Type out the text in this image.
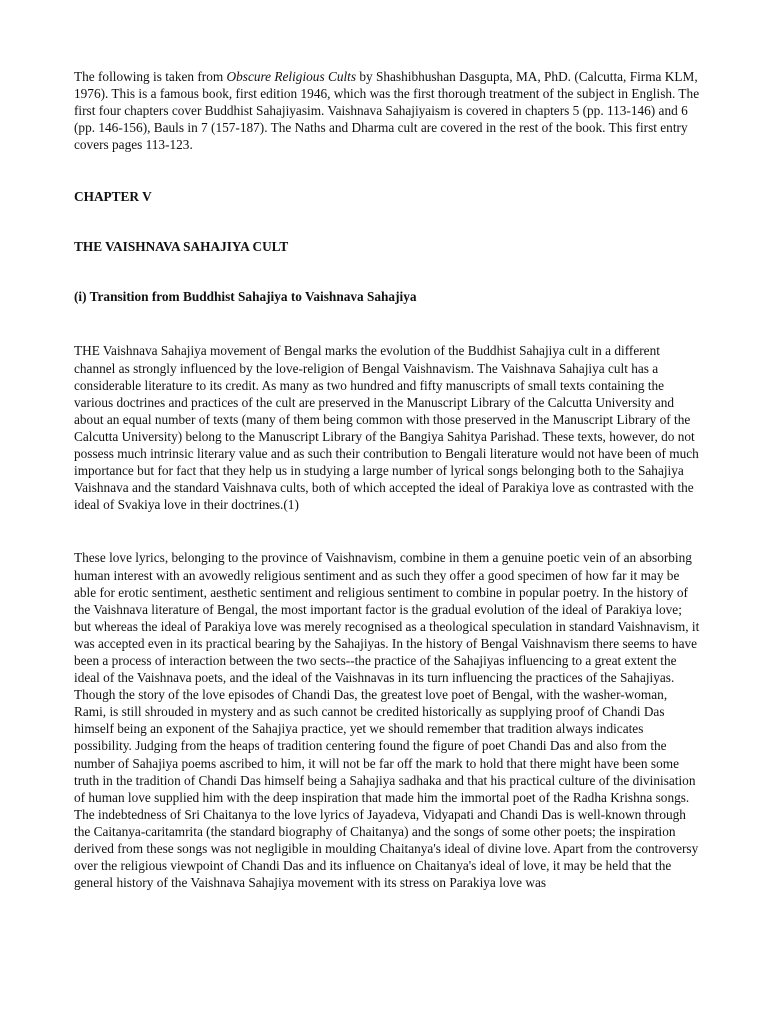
The following is taken from Obscure Religious Cults by Shashibhushan Dasgupta, MA, PhD. (Calcutta, Firma KLM, 1976). This is a famous book, first edition 1946, which was the first thorough treatment of the subject in English. The first four chapters cover Buddhist Sahajiyasim. Vaishnava Sahajiyaism is covered in chapters 5 (pp. 113-146) and 6 (pp. 146-156), Bauls in 7 (157-187). The Naths and Dharma cult are covered in the rest of the book. This first entry covers pages 113-123.

CHAPTER V

THE VAISHNAVA SAHAJIYA CULT

(i) Transition from Buddhist Sahajiya to Vaishnava Sahajiya

THE Vaishnava Sahajiya movement of Bengal marks the evolution of the Buddhist Sahajiya cult in a different channel as strongly influenced by the love-religion of Bengal Vaishnavism. The Vaishnava Sahajiya cult has a considerable literature to its credit. As many as two hundred and fifty manuscripts of small texts containing the various doctrines and practices of the cult are preserved in the Manuscript Library of the Calcutta University and about an equal number of texts (many of them being common with those preserved in the Manuscript Library of the Calcutta University) belong to the Manuscript Library of the Bangiya Sahitya Parishad. These texts, however, do not possess much intrinsic literary value and as such their contribution to Bengali literature would not have been of much importance but for fact that they help us in studying a large number of lyrical songs belonging both to the Sahajiya Vaishnava and the standard Vaishnava cults, both of which accepted the ideal of Parakiya love as contrasted with the ideal of Svakiya love in their doctrines.(1)

These love lyrics, belonging to the province of Vaishnavism, combine in them a genuine poetic vein of an absorbing human interest with an avowedly religious sentiment and as such they offer a good specimen of how far it may be able for erotic sentiment, aesthetic sentiment and religious sentiment to combine in popular poetry. In the history of the Vaishnava literature of Bengal, the most important factor is the gradual evolution of the ideal of Parakiya love; but whereas the ideal of Parakiya love was merely recognised as a theological speculation in standard Vaishnavism, it was accepted even in its practical bearing by the Sahajiyas. In the history of Bengal Vaishnavism there seems to have been a process of interaction between the two sects--the practice of the Sahajiyas influencing to a great extent the ideal of the Vaishnava poets, and the ideal of the Vaishnavas in its turn influencing the practices of the Sahajiyas. Though the story of the love episodes of Chandi Das, the greatest love poet of Bengal, with the washer-woman, Rami, is still shrouded in mystery and as such cannot be credited historically as supplying proof of Chandi Das himself being an exponent of the Sahajiya practice, yet we should remember that tradition always indicates possibility. Judging from the heaps of tradition centering found the figure of poet Chandi Das and also from the number of Sahajiya poems ascribed to him, it will not be far off the mark to hold that there might have been some truth in the tradition of Chandi Das himself being a Sahajiya sadhaka and that his practical culture of the divinisation of human love supplied him with the deep inspiration that made him the immortal poet of the Radha Krishna songs. The indebtedness of Sri Chaitanya to the love lyrics of Jayadeva, Vidyapati and Chandi Das is well-known through the Caitanya-caritamrita (the standard biography of Chaitanya) and the songs of some other poets; the inspiration derived from these songs was not negligible in moulding Chaitanya's ideal of divine love. Apart from the controversy over the religious viewpoint of Chandi Das and its influence on Chaitanya's ideal of love, it may be held that the general history of the Vaishnava Sahajiya movement with its stress on Parakiya love was
